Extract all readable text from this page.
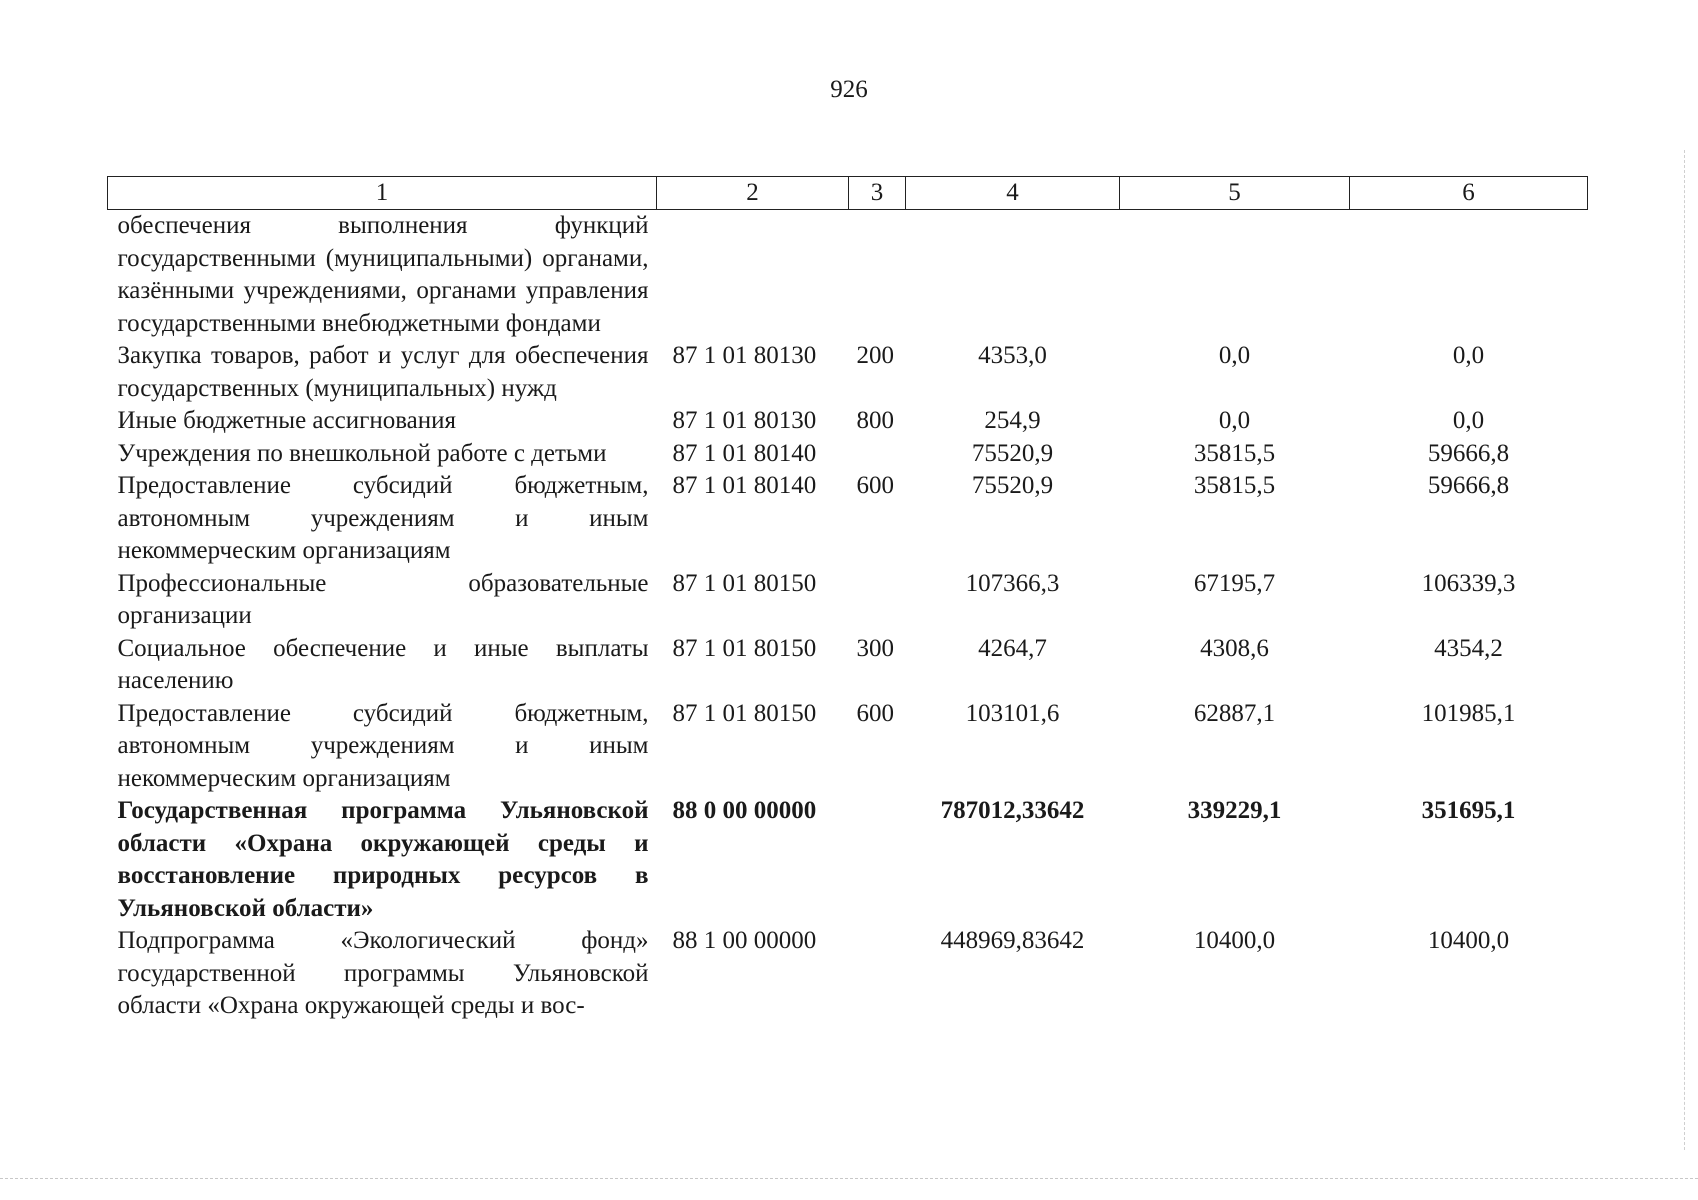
926
1	2	3	4	5	6
обеспечения выполнения функций государственными (муниципальными) органами, казёнными учреждениями, органами управления государственными внебюджетными фондами					
Закупка товаров, работ и услуг для обеспечения государственных (муниципальных) нужд	87 1 01 80130	200	4353,0	0,0	0,0
Иные бюджетные ассигнования	87 1 01 80130	800	254,9	0,0	0,0
Учреждения по внешкольной работе с детьми	87 1 01 80140		75520,9	35815,5	59666,8
Предоставление субсидий бюджетным, автономным учреждениям и иным некоммерческим организациям	87 1 01 80140	600	75520,9	35815,5	59666,8
Профессиональные образовательные организации	87 1 01 80150		107366,3	67195,7	106339,3
Социальное обеспечение и иные выплаты населению	87 1 01 80150	300	4264,7	4308,6	4354,2
Предоставление субсидий бюджетным, автономным учреждениям и иным некоммерческим организациям	87 1 01 80150	600	103101,6	62887,1	101985,1
Государственная программа Ульяновской области «Охрана окружающей среды и восстановление природных ресурсов в Ульяновской области»	88 0 00 00000		787012,33642	339229,1	351695,1
Подпрограмма «Экологический фонд» государственной программы Ульяновской области «Охрана окружающей среды и вос-	88 1 00 00000		448969,83642	10400,0	10400,0
